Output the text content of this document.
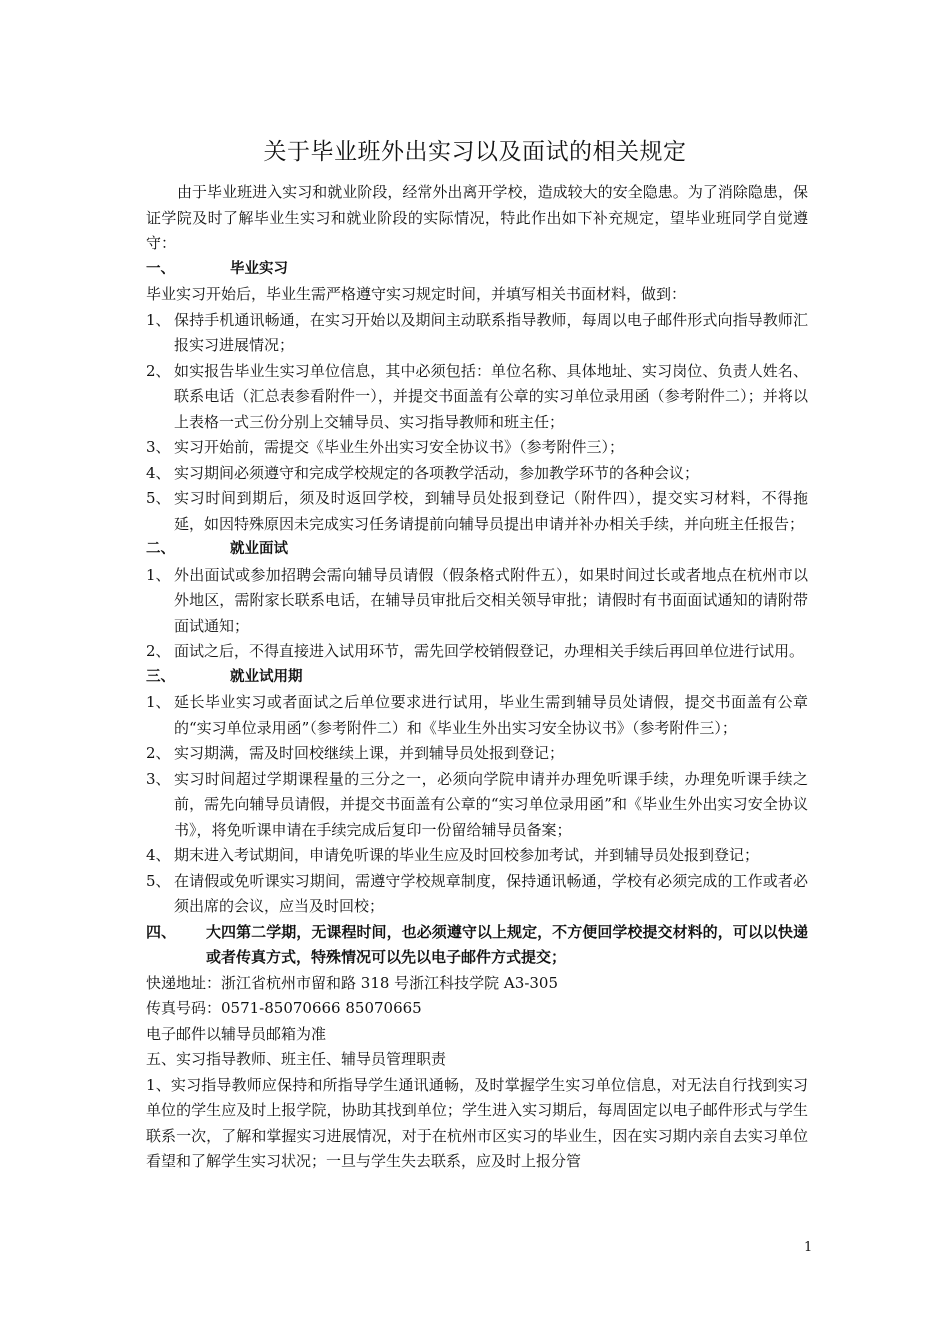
关于毕业班外出实习以及面试的相关规定

由于毕业班进入实习和就业阶段，经常外出离开学校，造成较大的安全隐患。为了消除隐患，保证学院及时了解毕业生实习和就业阶段的实际情况，特此作出如下补充规定，望毕业班同学自觉遵守：

一、	毕业实习

毕业实习开始后，毕业生需严格遵守实习规定时间，并填写相关书面材料，做到：

1、 保持手机通讯畅通，在实习开始以及期间主动联系指导教师，每周以电子邮件形式向指导教师汇报实习进展情况；

2、 如实报告毕业生实习单位信息，其中必须包括：单位名称、具体地址、实习岗位、负责人姓名、联系电话（汇总表参看附件一），并提交书面盖有公章的实习单位录用函（参考附件二）；并将以上表格一式三份分别上交辅导员、实习指导教师和班主任；

3、 实习开始前，需提交《毕业生外出实习安全协议书》（参考附件三）；

4、 实习期间必须遵守和完成学校规定的各项教学活动，参加教学环节的各种会议；

5、 实习时间到期后，须及时返回学校，到辅导员处报到登记（附件四），提交实习材料，不得拖延，如因特殊原因未完成实习任务请提前向辅导员提出申请并补办相关手续，并向班主任报告；

二、	就业面试

1、 外出面试或参加招聘会需向辅导员请假（假条格式附件五），如果时间过长或者地点在杭州市以外地区，需附家长联系电话，在辅导员审批后交相关领导审批；请假时有书面面试通知的请附带面试通知；

2、 面试之后，不得直接进入试用环节，需先回学校销假登记，办理相关手续后再回单位进行试用。

三、	就业试用期

1、 延长毕业实习或者面试之后单位要求进行试用，毕业生需到辅导员处请假，提交书面盖有公章的“实习单位录用函”（参考附件二）和《毕业生外出实习安全协议书》（参考附件三）；

2、 实习期满，需及时回校继续上课，并到辅导员处报到登记；

3、 实习时间超过学期课程量的三分之一，必须向学院申请并办理免听课手续，办理免听课手续之前，需先向辅导员请假，并提交书面盖有公章的“实习单位录用函”和《毕业生外出实习安全协议书》，将免听课申请在手续完成后复印一份留给辅导员备案；

4、 期末进入考试期间，申请免听课的毕业生应及时回校参加考试，并到辅导员处报到登记；

5、 在请假或免听课实习期间，需遵守学校规章制度，保持通讯畅通，学校有必须完成的工作或者必须出席的会议，应当及时回校；

四、 大四第二学期，无课程时间，也必须遵守以上规定，不方便回学校提交材料的，可以以快递或者传真方式，特殊情况可以先以电子邮件方式提交；

快递地址：浙江省杭州市留和路 318 号浙江科技学院 A3-305

传真号码：0571-85070666 85070665

电子邮件以辅导员邮箱为准

五、实习指导教师、班主任、辅导员管理职责

1、实习指导教师应保持和所指导学生通讯通畅，及时掌握学生实习单位信息，对无法自行找到实习单位的学生应及时上报学院，协助其找到单位；学生进入实习期后，每周固定以电子邮件形式与学生联系一次，了解和掌握实习进展情况，对于在杭州市区实习的毕业生，因在实习期内亲自去实习单位看望和了解学生实习状况；一旦与学生失去联系，应及时上报分管

1
